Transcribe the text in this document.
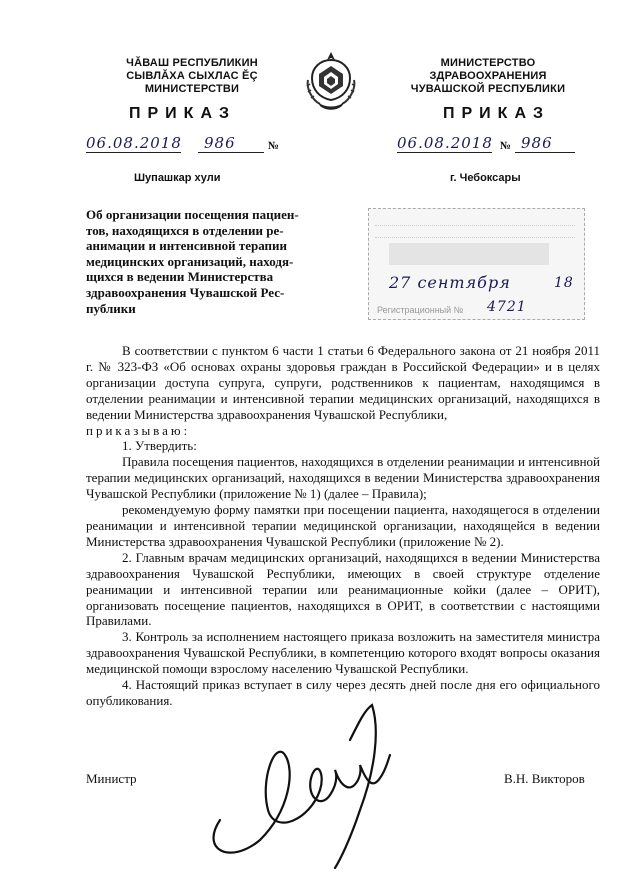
ЧĂВАШ РЕСПУБЛИКИН
СЫВЛĂХА СЫХЛАС ĔÇ
МИНИСТЕРСТВИ
МИНИСТЕРСТВО
ЗДРАВООХРАНЕНИЯ
ЧУВАШСКОЙ РЕСПУБЛИКИ
ПРИКАЗ	ПРИКАЗ
06.08.2018	986	№	06.08.2018 № 986
Шупашкар хули	г. Чебоксары
Об организации посещения пациен-
тов, находящихся в отделении ре-
анимации и интенсивной терапии
медицинских организаций, находя-
щихся в ведении Министерства
здравоохранения Чувашской Рес-
публики
27 сентября	18
Регистрационный № 4721

В соответствии с пунктом 6 части 1 статьи 6 Федерального закона от 21 ноября 2011 г. № 323-ФЗ «Об основах охраны здоровья граждан в Российской Федерации» и в целях организации доступа супруга, супруги, родственников к пациентам, находящимся в отделении реанимации и интенсивной терапии медицинских организаций, находящихся в ведении Министерства здравоохранения Чувашской Республики,

приказываю:

1. Утвердить:

Правила посещения пациентов, находящихся в отделении реанимации и интенсивной терапии медицинских организаций, находящихся в ведении Министерства здравоохранения Чувашской Республики (приложение № 1) (далее – Правила);

рекомендуемую форму памятки при посещении пациента, находящегося в отделении реанимации и интенсивной терапии медицинской организации, находящейся в ведении Министерства здравоохранения Чувашской Республики (приложение № 2).

2. Главным врачам медицинских организаций, находящихся в ведении Министерства здравоохранения Чувашской Республики, имеющих в своей структуре отделение реанимации и интенсивной терапии или реанимационные койки (далее – ОРИТ), организовать посещение пациентов, находящихся в ОРИТ, в соответствии с настоящими Правилами.

3. Контроль за исполнением настоящего приказа возложить на заместителя министра здравоохранения Чувашской Республики, в компетенцию которого входят вопросы оказания медицинской помощи взрослому населению Чувашской Республики.

4. Настоящий приказ вступает в силу через десять дней после дня его официального опубликования.

Министр	В.Н. Викторов
